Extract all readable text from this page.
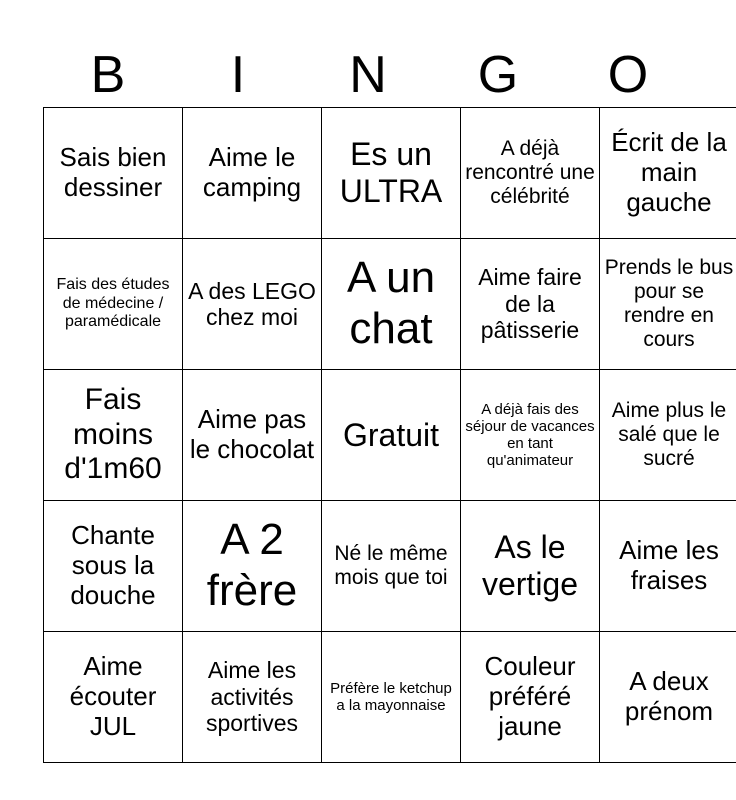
B	I	N	G	O
Sais bien dessiner	Aime le camping	Es un ULTRA	A déjà rencontré une célébrité	Écrit de la main gauche
Fais des études de médecine / paramédicale	A des LEGO chez moi	A un chat	Aime faire de la pâtisserie	Prends le bus pour se rendre en cours
Fais moins d'1m60	Aime pas le chocolat	Gratuit	A déjà fais des séjour de vacances en tant qu'animateur	Aime plus le salé que le sucré
Chante sous la douche	A 2 frère	Né le même mois que toi	As le vertige	Aime les fraises
Aime écouter JUL	Aime les activités sportives	Préfère le ketchup a la mayonnaise	Couleur préféré jaune	A deux prénom
